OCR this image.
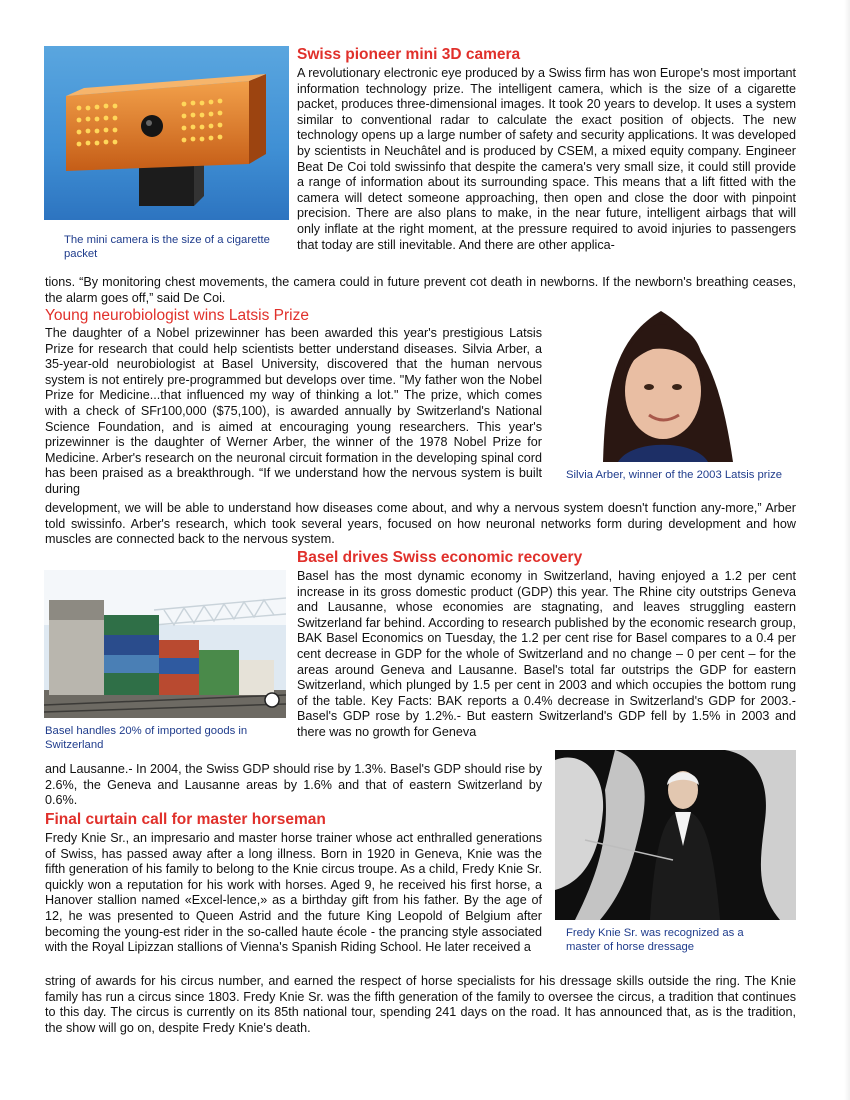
The mini camera is the size of a cigarette packet

Swiss pioneer mini 3D camera

A revolutionary electronic eye produced by a Swiss firm has won Europe's most important information technology prize. The intelligent camera, which is the size of a cigarette packet, produces three-dimensional images. It took 20 years to develop. It uses a system similar to conventional radar to calculate the exact position of objects. The new technology opens up a large number of safety and security applications. It was developed by scientists in Neuchâtel and is produced by CSEM, a mixed equity company. Engineer Beat De Coi told swissinfo that despite the camera's very small size, it could still provide a range of information about its surrounding space. This means that a lift fitted with the camera will detect someone approaching, then open and close the door with pinpoint precision. There are also plans to make, in the near future, intelligent airbags that will only inflate at the right moment, at the pressure required to avoid injuries to passengers that today are still inevitable. And there are other applica-

tions. “By monitoring chest movements, the camera could in future prevent cot death in newborns. If the newborn's breathing ceases, the alarm goes off,” said De Coi.

Young neurobiologist wins Latsis Prize

The daughter of a Nobel prizewinner has been awarded this year's prestigious Latsis Prize for research that could help scientists better understand diseases. Silvia Arber, a 35-year-old neurobiologist at Basel University, discovered that the human nervous system is not entirely pre-programmed but develops over time. "My father won the Nobel Prize for Medicine...that influenced my way of thinking a lot." The prize, which comes with a check of SFr100,000 ($75,100), is awarded annually by Switzerland's National Science Foundation, and is aimed at encouraging young researchers. This year's prizewinner is the daughter of Werner Arber, the winner of the 1978 Nobel Prize for Medicine. Arber's research on the neuronal circuit formation in the developing spinal cord has been praised as a breakthrough. “If we understand how the nervous system is built during

Silvia Arber, winner of the 2003 Latsis prize

development, we will be able to understand how diseases come about, and why a nervous system doesn't function any-more,” Arber told swissinfo. Arber's research, which took several years, focused on how neuronal networks form during development and how muscles are connected back to the nervous system.

Basel drives Swiss economic recovery

Basel handles 20% of imported goods in Switzerland

Basel has the most dynamic economy in Switzerland, having enjoyed a 1.2 per cent increase in its gross domestic product (GDP) this year. The Rhine city outstrips Geneva and Lausanne, whose economies are stagnating, and leaves struggling eastern Switzerland far behind. According to research published by the economic research group, BAK Basel Economics on Tuesday, the 1.2 per cent rise for Basel compares to a 0.4 per cent decrease in GDP for the whole of Switzerland and no change – 0 per cent – for the areas around Geneva and Lausanne. Basel's total far outstrips the GDP for eastern Switzerland, which plunged by 1.5 per cent in 2003 and which occupies the bottom rung of the table. Key Facts: BAK reports a 0.4% decrease in Switzerland's GDP for 2003.- Basel's GDP rose by 1.2%.- But eastern Switzerland's GDP fell by 1.5% in 2003 and there was no growth for Geneva

and Lausanne.- In 2004, the Swiss GDP should rise by 1.3%. Basel's GDP should rise by 2.6%, the Geneva and Lausanne areas by 1.6% and that of eastern Switzerland by 0.6%.

Final curtain call for master horseman

Fredy Knie Sr. was recognized as a master of horse dressage

Fredy Knie Sr., an impresario and master horse trainer whose act enthralled generations of Swiss, has passed away after a long illness. Born in 1920 in Geneva, Knie was the fifth generation of his family to belong to the Knie circus troupe. As a child, Fredy Knie Sr. quickly won a reputation for his work with horses. Aged 9, he received his first horse, a Hanover stallion named «Excel-lence,» as a birthday gift from his father. By the age of 12, he was presented to Queen Astrid and the future King Leopold of Belgium after becoming the young-est rider in the so-called haute école - the prancing style associated with the Royal Lipizzan stallions of Vienna's Spanish Riding School. He later received a

string of awards for his circus number, and earned the respect of horse specialists for his dressage skills outside the ring. The Knie family has run a circus since 1803. Fredy Knie Sr. was the fifth generation of the family to oversee the circus, a tradition that continues to this day. The circus is currently on its 85th national tour, spending 241 days on the road. It has announced that, as is the tradition, the show will go on, despite Fredy Knie's death.
